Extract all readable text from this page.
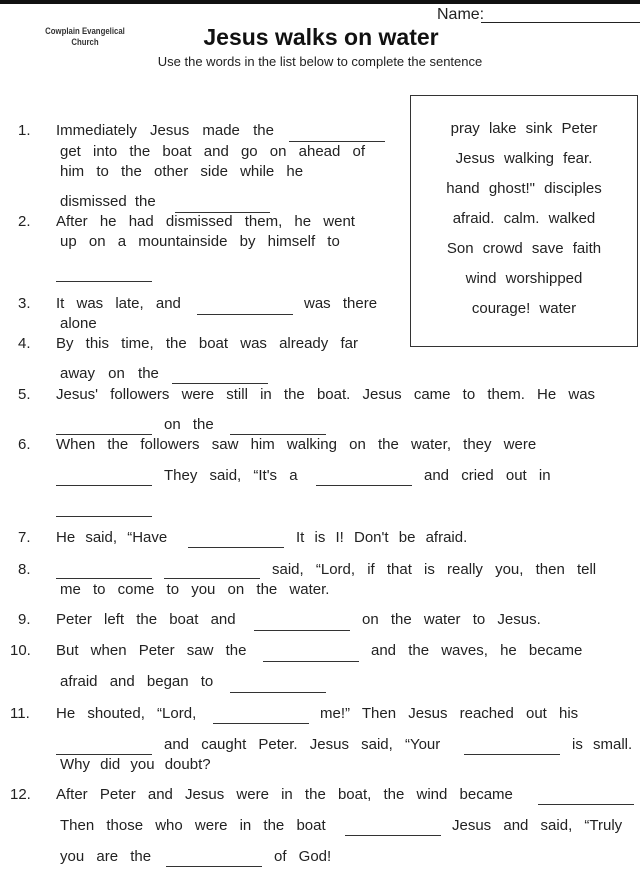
Name:
Cowplain Evangelical Church	Jesus walks on water
Use the words in the list below to complete the sentence
pray lake sink Peter
Jesus walking fear.
hand ghost!" disciples
afraid. calm. walked
Son crowd save faith
wind worshipped
courage! water
1. Immediately Jesus made the
get into the boat and go on ahead of
him to the other side while he
dismissed the
2. After he had dismissed them, he went
up on a mountainside by himself to
3. It was late, and	was there
alone
4. By this time, the boat was already far
away on the
5. Jesus' followers were still in the boat. Jesus came to them. He was
on the
6. When the followers saw him walking on the water, they were
They said, “It's a	and cried out in
7. He said, “Have	It is I! Don't be afraid.
8.	said, “Lord, if that is really you, then tell
me to come to you on the water.
9. Peter left the boat and	on the water to Jesus.
10. But when Peter saw the	and the waves, he became
afraid and began to
11. He shouted, “Lord,	me!” Then Jesus reached out his
and caught Peter. Jesus said, “Your	is small.
Why did you doubt?
12. After Peter and Jesus were in the boat, the wind became
Then those who were in the boat	Jesus and said, “Truly
you are the	of God!
